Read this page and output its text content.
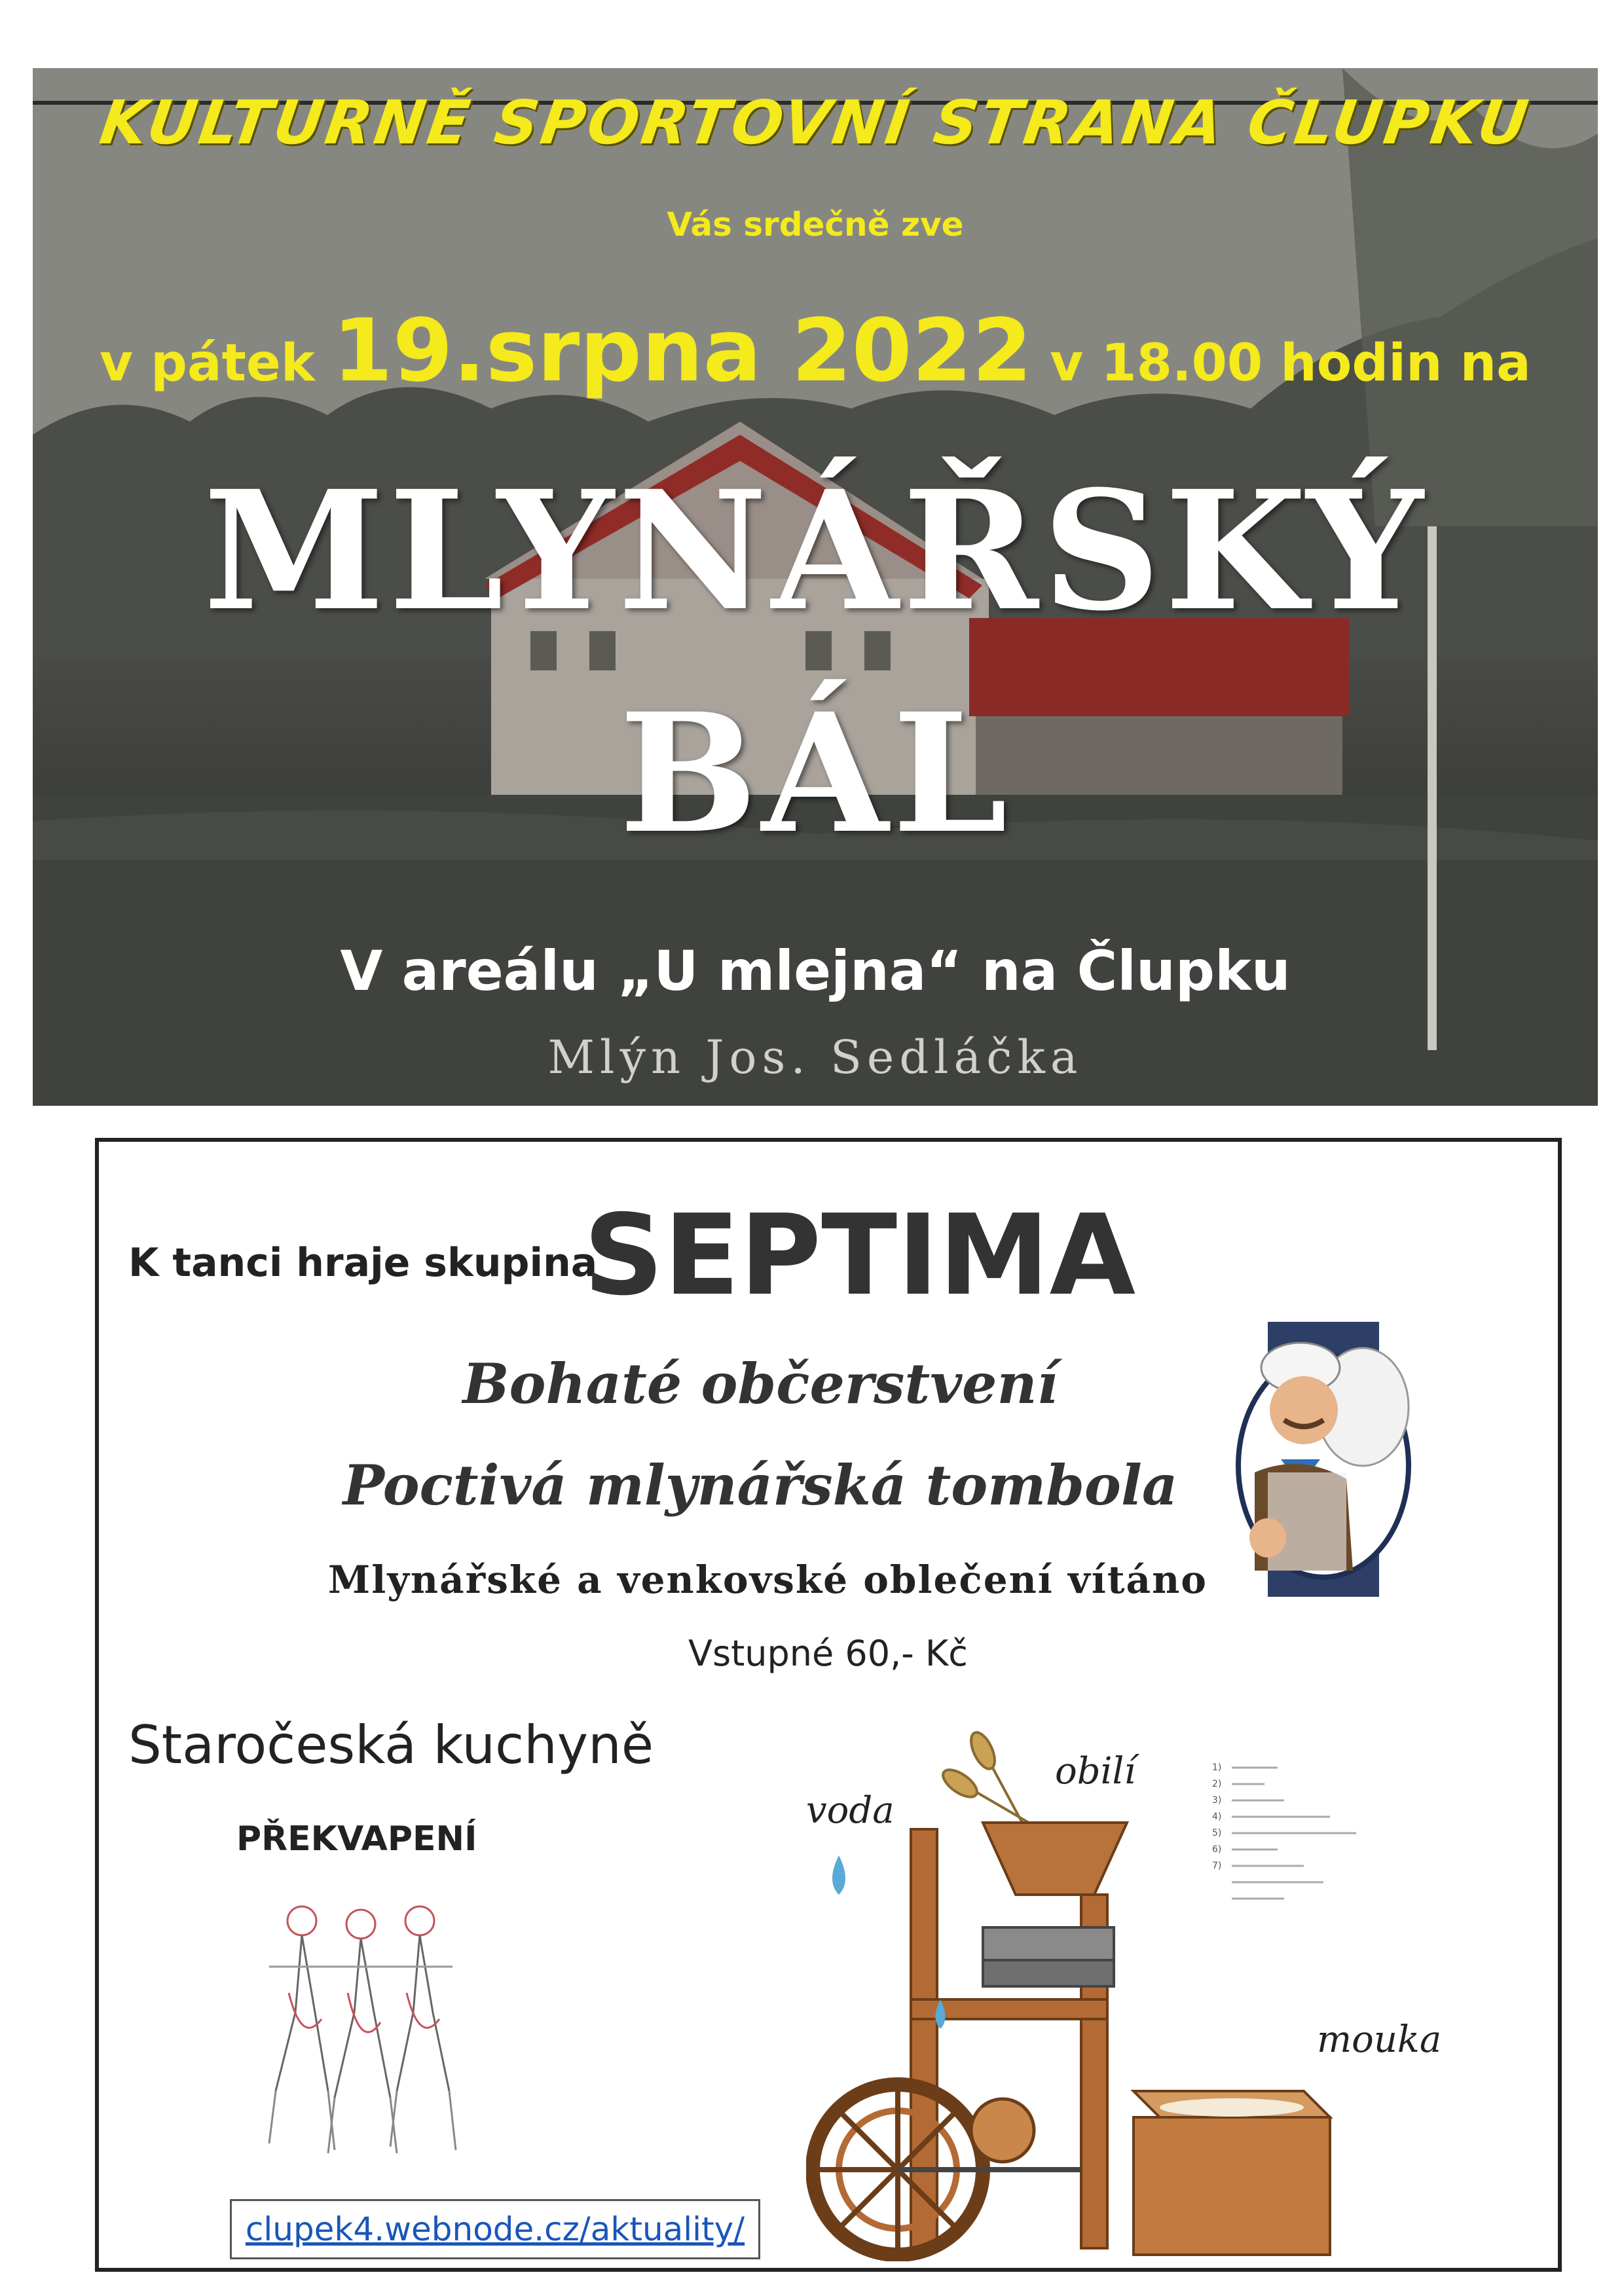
KULTURNĚ SPORTOVNÍ STRANA ČLUPKU
Vás srdečně zve
v pátek 19.srpna 2022 v 18.00 hodin na
MLYNÁŘSKÝ
BÁL
V areálu „U mlejna“ na Člupku
Mlýn Jos. Sedláčka
K tanci hraje skupina
SEPTIMA
Bohaté občerstvení
Poctivá mlynářská tombola
Mlynářské a venkovské oblečení vítáno
Vstupné 60,- Kč
Staročeská kuchyně
PŘEKVAPENÍ
1)
2)
3)
4)
5)
6)
7)
voda
obilí
mouka
clupek4.webnode.cz/aktuality/
